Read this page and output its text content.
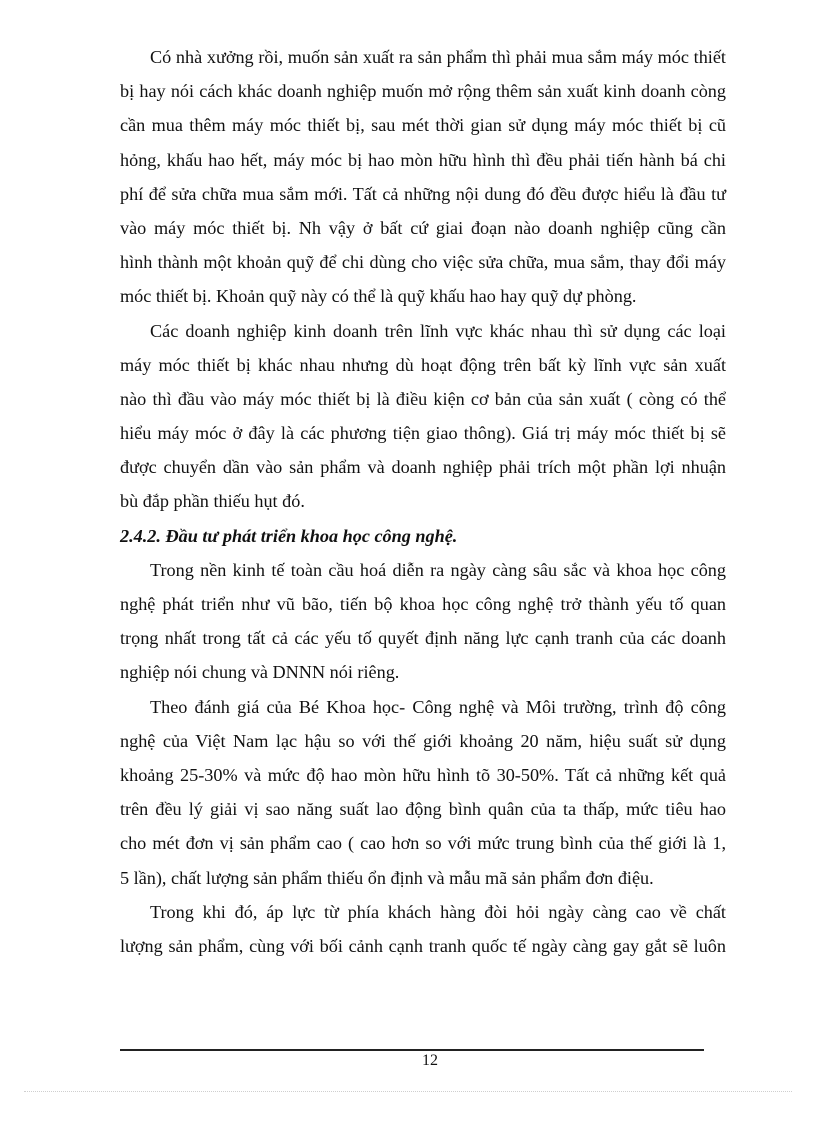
Có nhà xưởng rồi, muốn sản xuất ra sản phẩm thì phải mua sắm máy móc thiết
bị hay nói cách khác doanh nghiệp muốn mở rộng thêm sản xuất kinh doanh còng
cần mua thêm máy móc thiết bị, sau mét thời gian sử dụng máy móc thiết bị cũ
hỏng, khấu hao hết, máy móc bị hao mòn hữu hình thì đều phải tiến hành bá chi
phí để sửa chữa mua sắm mới. Tất cả những nội dung đó đều được hiểu là đầu tư
vào máy móc thiết bị. Nh vậy ở bất cứ giai đoạn nào doanh nghiệp cũng cần
hình thành một khoản quỹ để chi dùng cho việc sửa chữa, mua sắm, thay đổi máy
móc thiết bị. Khoản quỹ này có thể là quỹ khấu hao hay quỹ dự phòng.
Các doanh nghiệp kinh doanh trên lĩnh vực khác nhau thì sử dụng các loại
máy móc thiết bị khác nhau nhưng dù hoạt động trên bất kỳ lĩnh vực sản xuất
nào thì đầu vào máy móc thiết bị là điều kiện cơ bản của sản xuất ( còng có thể
hiểu máy móc ở đây là các phương tiện giao thông). Giá trị máy móc thiết bị sẽ
được chuyển dần vào sản phẩm và doanh nghiệp phải trích một phần lợi nhuận
bù đắp phần thiếu hụt đó.
2.4.2. Đầu tư phát triển khoa học công nghệ.
Trong nền kinh tế toàn cầu hoá diễn ra ngày càng sâu sắc và khoa học công
nghệ phát triển như vũ bão, tiến bộ khoa học công nghệ trở thành yếu tố quan
trọng nhất trong tất cả các yếu tố quyết định năng lực cạnh tranh của các doanh
nghiệp nói chung và DNNN nói riêng.
Theo đánh giá của Bé Khoa học- Công nghệ và Môi trường, trình độ công
nghệ của Việt Nam lạc hậu so với thế giới khoảng 20 năm, hiệu suất sử dụng
khoảng 25-30% và mức độ hao mòn hữu hình tõ 30-50%. Tất cả những kết quả
trên đều lý giải vị sao năng suất lao động bình quân của ta thấp, mức tiêu hao
cho mét đơn vị sản phẩm cao ( cao hơn so với mức trung bình của thế giới là 1,
5 lần), chất lượng sản phẩm thiếu ổn định và mẫu mã sản phẩm đơn điệu.
Trong khi đó, áp lực từ phía khách hàng đòi hỏi ngày càng cao về chất
lượng sản phẩm, cùng với bối cảnh cạnh tranh quốc tế ngày càng gay gắt sẽ luôn
12
